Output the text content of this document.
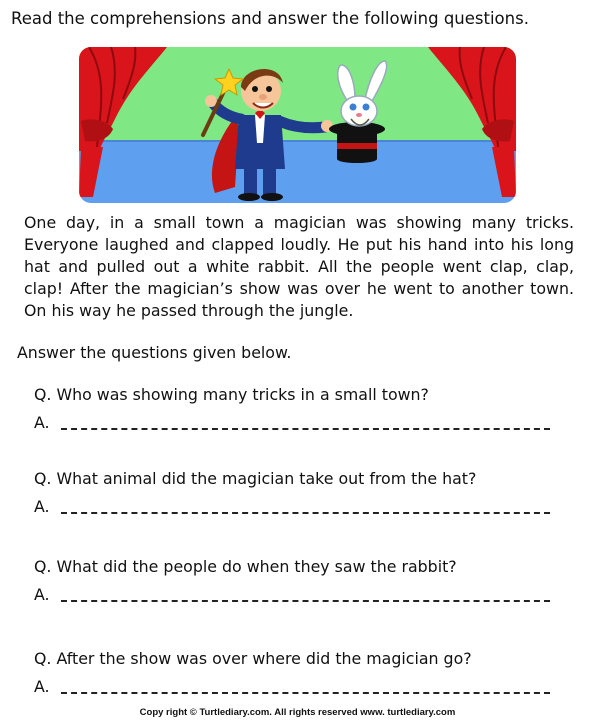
Read the comprehensions and answer the following questions.

One day, in a small town a magician was showing many tricks. Everyone laughed and clapped loudly. He put his hand into his long hat and pulled out a white rabbit. All the people went clap, clap, clap! After the magician’s show was over he went to another town. On his way he passed through the jungle.

Answer the questions given below.
Q. Who was showing many tricks in a small town?
A.
Q. What animal did the magician take out from the hat?
A.
Q. What did the people do when they saw the rabbit?
A.
Q. After the show was over where did the magician go?
A.
Copy right © Turtlediary.com. All rights reserved www. turtlediary.com
